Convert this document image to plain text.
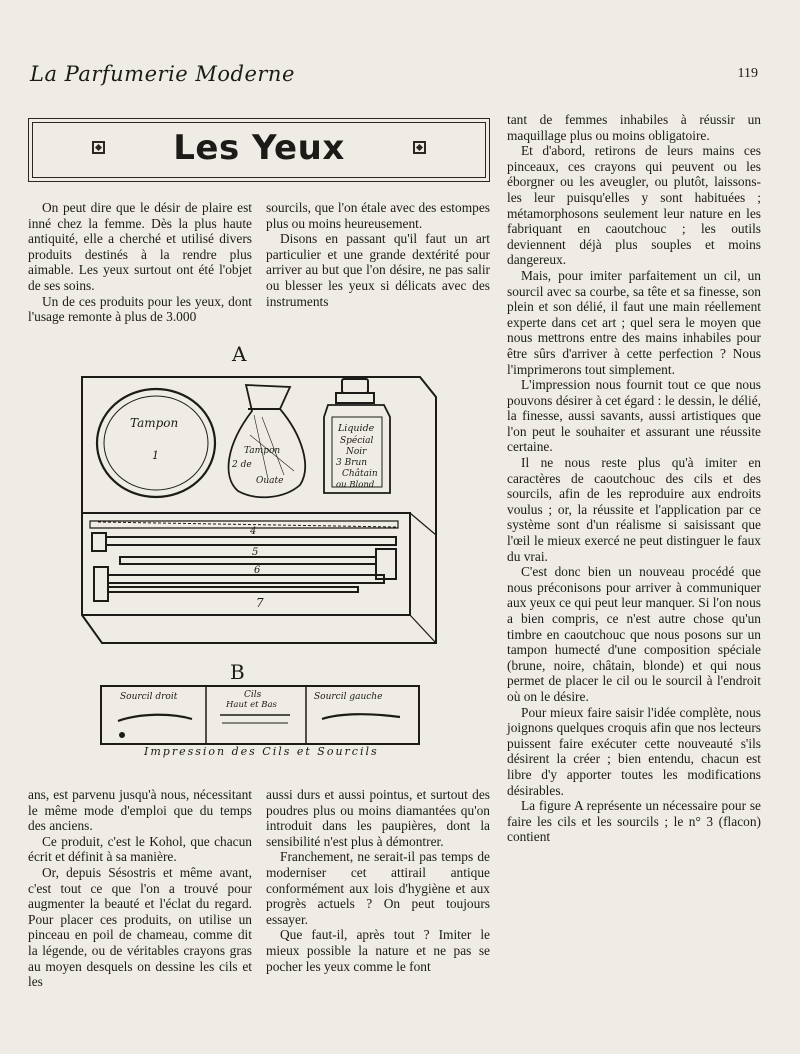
La Parfumerie Moderne	119
Les Yeux

On peut dire que le désir de plaire est inné chez la femme. Dès la plus haute antiquité, elle a cherché et utilisé divers produits destinés à la rendre plus aimable. Les yeux surtout ont été l'objet de ses soins.

Un de ces produits pour les yeux, dont l'usage remonte à plus de 3.000

sourcils, que l'on étale avec des estompes plus ou moins heureusement.

Disons en passant qu'il faut un art particulier et une grande dextérité pour arriver au but que l'on désire, ne pas salir ou blesser les yeux si délicats avec des instruments

tant de femmes inhabiles à réussir un maquillage plus ou moins obligatoire.

Et d'abord, retirons de leurs mains ces pinceaux, ces crayons qui peuvent ou les éborgner ou les aveugler, ou plutôt, laissons-les leur puisqu'elles y sont habituées ; métamorphosons seulement leur nature en les fabriquant en caoutchouc ; les outils deviennent déjà plus souples et moins dangereux.

Mais, pour imiter parfaitement un cil, un sourcil avec sa courbe, sa tête et sa finesse, son plein et son délié, il faut une main réellement experte dans cet art ; quel sera le moyen que nous mettrons entre des mains inhabiles pour être sûrs d'arriver à cette perfection ? Nous l'imprimerons tout simplement.

L'impression nous fournit tout ce que nous pouvons désirer à cet égard : le dessin, le délié, la finesse, aussi savants, aussi artistiques que l'on peut le souhaiter et assurant une réussite certaine.

Il ne nous reste plus qu'à imiter en caractères de caoutchouc des cils et des sourcils, afin de les reproduire aux endroits voulus ; or, la réussite et l'application par ce système sont d'un réalisme si saisissant que l'œil le mieux exercé ne peut distinguer le faux du vrai.

C'est donc bien un nouveau procédé que nous préconisons pour arriver à communiquer aux yeux ce qui peut leur manquer. Si l'on nous a bien compris, ce n'est autre chose qu'un timbre en caoutchouc que nous posons sur un tampon humecté d'une composition spéciale (brune, noire, châtain, blonde) et qui nous permet de placer le cil ou le sourcil à l'endroit où on le désire.

Pour mieux faire saisir l'idée complète, nous joignons quelques croquis afin que nos lecteurs puissent faire exécuter cette nouveauté s'ils désirent la créer ; bien entendu, chacun est libre d'y apporter toutes les modifications désirables.

La figure A représente un nécessaire pour se faire les cils et les sourcils ; le n° 3 (flacon) contient

A
Tampon
1	Tampon
2 de
Ouate
Liquide
Spécial
Noir
3 Brun
Châtain
ou Blond
4
5
6
7
B
Sourcil droit	Cils
Haut et Bas
Sourcil gauche
Impression des Cils et Sourcils

ans, est parvenu jusqu'à nous, nécessitant le même mode d'emploi que du temps des anciens.

Ce produit, c'est le Kohol, que chacun écrit et définit à sa manière.

Or, depuis Sésostris et même avant, c'est tout ce que l'on a trouvé pour augmenter la beauté et l'éclat du regard. Pour placer ces produits, on utilise un pinceau en poil de chameau, comme dit la légende, ou de véritables crayons gras au moyen desquels on dessine les cils et les

aussi durs et aussi pointus, et surtout des poudres plus ou moins diamantées qu'on introduit dans les paupières, dont la sensibilité n'est plus à démontrer.

Franchement, ne serait-il pas temps de moderniser cet attirail antique conformément aux lois d'hygiène et aux progrès actuels ? On peut toujours essayer.

Que faut-il, après tout ? Imiter le mieux possible la nature et ne pas se pocher les yeux comme le font
